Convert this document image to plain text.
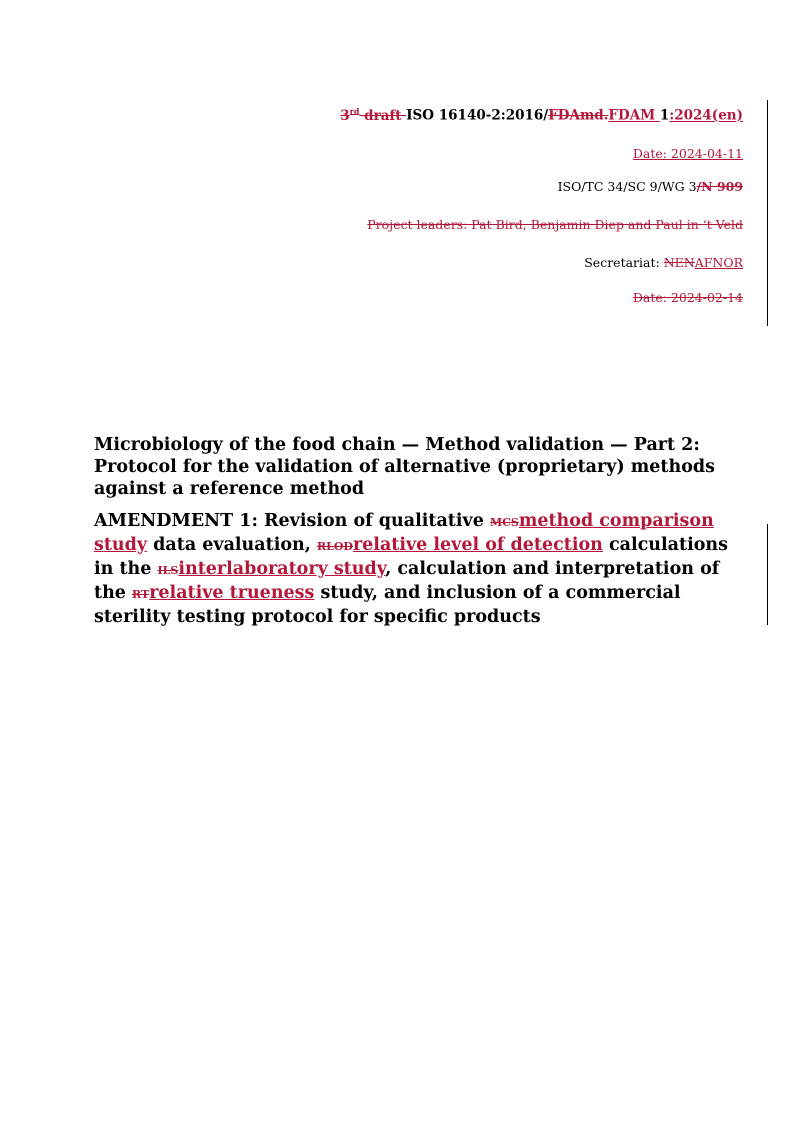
3rd draft ISO 16140-2:2016/FDAmd.FDAM 1:2024(en)
Date: 2024-04-11
ISO/TC 34/SC 9/WG 3/N 909
Project leaders: Pat Bird, Benjamin Diep and Paul in ‘t Veld
Secretariat: NENAFNOR
Date: 2024-02-14

Microbiology of the food chain — Method validation — Part 2: Protocol for the validation of alternative (proprietary) methods against a reference method

AMENDMENT 1: Revision of qualitative MCSmethod comparison study data evaluation, RLODrelative level of detection calculations in the ILSinterlaboratory study, calculation and interpretation of the RTrelative trueness study, and inclusion of a commercial sterility testing protocol for specific products
